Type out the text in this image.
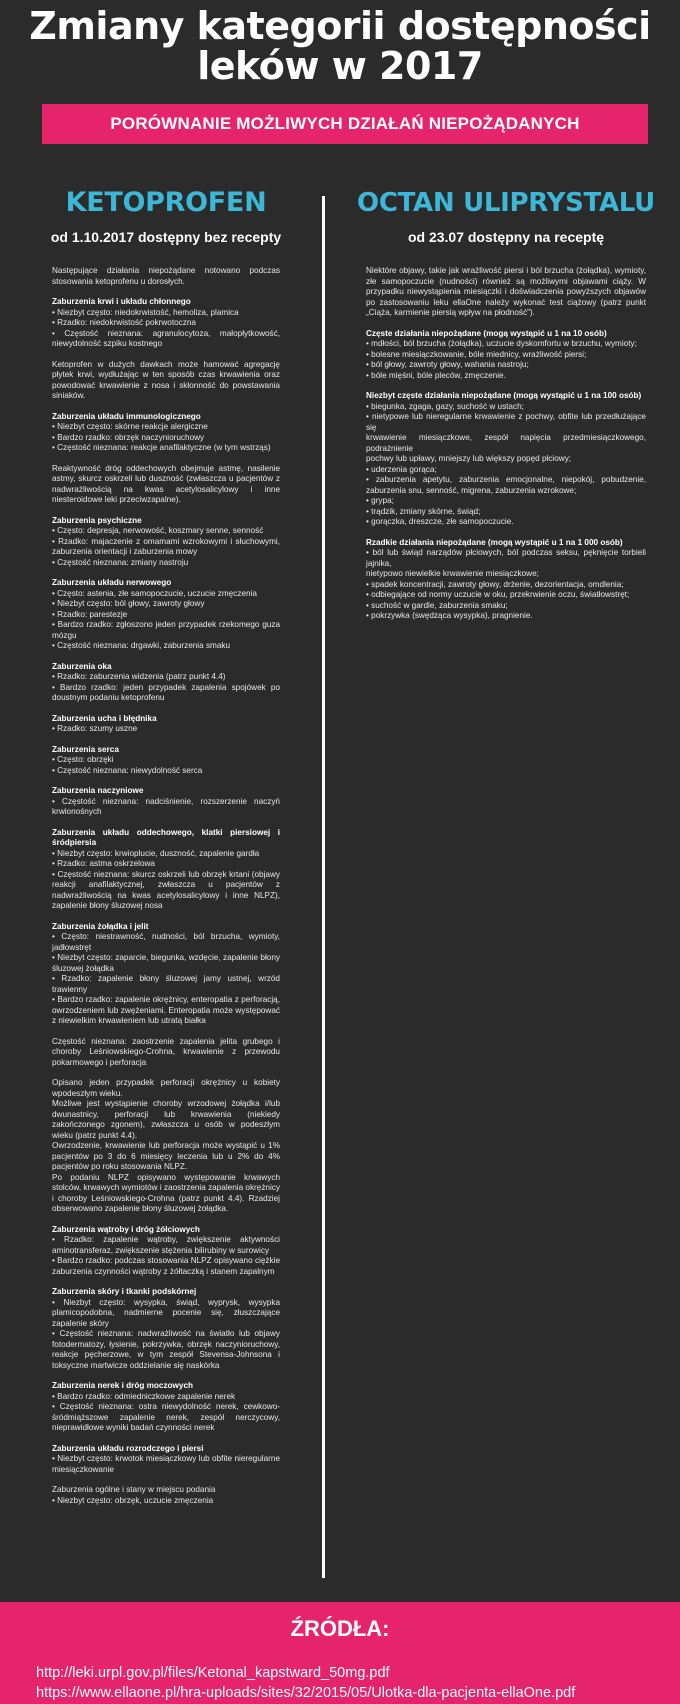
Zmiany kategorii dostępności
leków w 2017
PORÓWNANIE MOŻLIWYCH DZIAŁAŃ NIEPOŻĄDANYCH
KETOPROFEN
od 1.10.2017 dostępny bez recepty

Następujące działania niepożądane notowano podczas stosowania ketoprofenu u dorosłych.

Zaburzenia krwi i układu chłonnego
• Niezbyt często: niedokrwistość, hemoliza, plamica
• Rzadko: niedokrwistość pokrwotoczna
• Częstość nieznana: agranulocytoza, małopłytkowość, niewydolność szpiku kostnego

Ketoprofen w dużych dawkach może hamować agregację płytek krwi, wydłużając w ten sposób czas krwawienia oraz powodować krwawienie z nosa i skłonność do powstawania siniaków.

Zaburzenia układu immunologicznego
• Niezbyt często: skórne reakcje alergiczne
• Bardzo rzadko: obrzęk naczynioruchowy
• Częstość nieznana: reakcje anafilaktyczne (w tym wstrząs)

Reaktywność dróg oddechowych obejmuje astmę, nasilenie astmy, skurcz oskrzeli lub duszność (zwłaszcza u pacjentów z nadwrażliwością na kwas acetylosalicylowy i inne niesteroidowe leki przeciwzapalne).

Zaburzenia psychiczne
• Często: depresja, nerwowość, koszmary senne, senność
• Rzadko: majaczenie z omamami wzrokowymi i słuchowymi, zaburzenia orientacji i zaburzenia mowy
• Częstość nieznana: zmiany nastroju

Zaburzenia układu nerwowego
• Często: astenia, złe samopoczucie, uczucie zmęczenia
• Niezbyt często: ból głowy, zawroty głowy
• Rzadko: parestezje
• Bardzo rzadko: zgłoszono jeden przypadek rzekomego guza mózgu
• Częstość nieznana: drgawki, zaburzenia smaku

Zaburzenia oka
• Rzadko: zaburzenia widzenia (patrz punkt 4.4)
• Bardzo rzadko: jeden przypadek zapalenia spojówek po doustnym podaniu ketoprofenu

Zaburzenia ucha i błędnika
• Rzadko: szumy uszne

Zaburzenia serca
• Często: obrzęki
• Częstość nieznana: niewydolność serca

Zaburzenia naczyniowe
• Częstość nieznana: nadciśnienie, rozszerzenie naczyń krwionośnych

Zaburzenia układu oddechowego, klatki piersiowej i śródpiersia
• Niezbyt często: krwioplucie, duszność, zapalenie gardła
• Rzadko: astma oskrzelowa
• Częstość nieznana: skurcz oskrzeli lub obrzęk krtani (objawy reakcji anafilaktycznej, zwłaszcza u pacjentów z nadwrażliwością na kwas acetylosalicylowy i inne NLPZ), zapalenie błony śluzowej nosa

Zaburzenia żołądka i jelit
• Często: niestrawność, nudności, ból brzucha, wymioty, jadłowstręt
• Niezbyt często: zaparcie, biegunka, wzdęcie, zapalenie błony śluzowej żołądka
• Rzadko: zapalenie błony śluzowej jamy ustnej, wrzód trawienny
• Bardzo rzadko: zapalenie okrężnicy, enteropatia z perforacją, owrzodzeniem lub zwężeniami. Enteropatia może występować z niewielkim krwawieniem lub utratą białka

Częstość nieznana: zaostrzenie zapalenia jelita grubego i choroby Leśniowskiego-Crohna, krwawienie z przewodu pokarmowego i perforacja

Opisano jeden przypadek perforacji okrężnicy u kobiety wpodeszłym wieku.
Możliwe jest wystąpienie choroby wrzodowej żołądka i/lub dwunastnicy, perforacji lub krwawienia (niekiedy zakończonego zgonem), zwłaszcza u osób w podeszłym wieku (patrz punkt 4.4).
Owrzodzenie, krwawienie lub perforacja może wystąpić u 1% pacjentów po 3 do 6 miesięcy leczenia lub u 2% do 4% pacjentów po roku stosowania NLPZ.
Po podaniu NLPZ opisywano występowanie krwawych stolców, krwawych wymiotów i zaostrzenia zapalenia okrężnicy i choroby Leśniowskiego-Crohna (patrz punkt 4.4). Rzadziej obserwowano zapalenie błony śluzowej żołądka.

Zaburzenia wątroby i dróg żółciowych
• Rzadko: zapalenie wątroby, zwiększenie aktywności aminotransferaz, zwiększenie stężenia bilirubiny w surowicy
• Bardzo rzadko: podczas stosowania NLPZ opisywano ciężkie zaburzenia czynności wątroby z żółtaczką i stanem zapalnym

Zaburzenia skóry i tkanki podskórnej
• Niezbyt często: wysypka, świąd, wyprysk, wysypka plamicopodobna, nadmierne pocenie się, złuszczające zapalenie skóry
• Częstość nieznana: nadwrażliwość na światło lub objawy fotodermatozy, łysienie, pokrzywka, obrzęk naczynioruchowy, reakcje pęcherzowe, w tym zespół Stevensa-Johnsona i toksyczne martwicze oddzielanie się naskórka

Zaburzenia nerek i dróg moczowych
• Bardzo rzadko: odmiedniczkowe zapalenie nerek
• Częstość nieznana: ostra niewydolność nerek, cewkowo-śródmiąższowe zapalenie nerek, zespół nerczycowy, nieprawidłowe wyniki badań czynności nerek

Zaburzenia układu rozrodczego i piersi
• Niezbyt często: krwotok miesiączkowy lub obfite nieregularne miesiączkowanie

Zaburzenia ogólne i stany w miejscu podania
• Niezbyt często: obrzęk, uczucie zmęczenia

OCTAN ULIPRYSTALU
od 23.07 dostępny na receptę

Niektóre objawy, takie jak wrażliwość piersi i ból brzucha (żołądka), wymioty, złe samopoczucie (nudności) również są możliwymi objawami ciąży. W przypadku niewystąpienia miesiączki i doświadczenia powyższych objawów po zastosowaniu leku ellaOne należy wykonać test ciążowy (patrz punkt „Ciąża, karmienie piersią wpływ na płodność”).

Częste działania niepożądane (mogą wystąpić u 1 na 10 osób)
• mdłości, ból brzucha (żołądka), uczucie dyskomfortu w brzuchu, wymioty;
• bolesne miesiączkowanie, bóle miednicy, wrażliwość piersi;
• ból głowy, zawroty głowy, wahania nastroju;
• bóle mięśni, bóle pleców, zmęczenie.

Niezbyt częste działania niepożądane (mogą wystąpić u 1 na 100 osób)
• biegunka, zgaga, gazy, suchość w ustach;
• nietypowe lub nieregularne krwawienie z pochwy, obfite lub przedłużające się
krwawienie miesiączkowe, zespół napięcia przedmiesiączkowego, podrażnienie
pochwy lub upławy, mniejszy lub większy popęd płciowy;
• uderzenia gorąca;
• zaburzenia apetytu, zaburzenia emocjonalne, niepokój, pobudzenie, zaburzenia snu, senność, migrena, zaburzenia wzrokowe;
• grypa;
• trądzik, zmiany skórne, świąd;
• gorączka, dreszcze, złe samopoczucie.

Rzadkie działania niepożądane (mogą wystąpić u 1 na 1 000 osób)
• ból lub świąd narządów płciowych, ból podczas seksu, pęknięcie torbieli jajnika,
nietypowo niewielkie krwawienie miesiączkowe;
• spadek koncentracji, zawroty głowy, drżenie, dezorientacja, omdlenia;
• odbiegające od normy uczucie w oku, przekrwienie oczu, światłowstręt;
• suchość w gardle, zaburzenia smaku;
• pokrzywka (swędząca wysypka), pragnienie.

ŹRÓDŁA:
http://leki.urpl.gov.pl/files/Ketonal_kapstward_50mg.pdf
https://www.ellaone.pl/hra-uploads/sites/32/2015/05/Ulotka-dla-pacjenta-ellaOne.pdf
